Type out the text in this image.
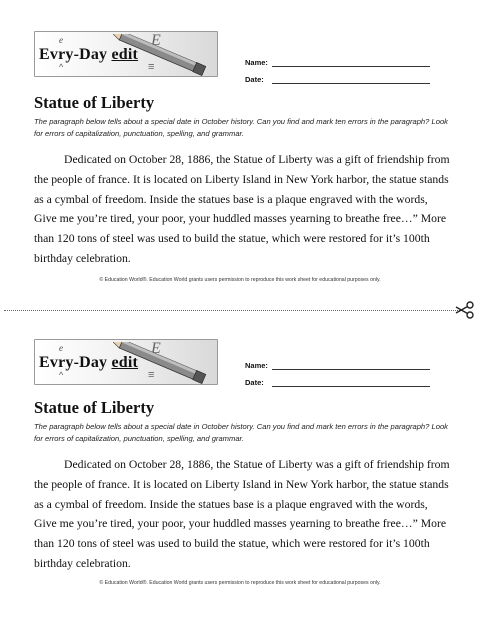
e	E
Evry-Day edit
^	≡	Name:
Date:
Statue of Liberty
The paragraph below tells about a special date in October history. Can you find and mark ten errors in the paragraph? Look for errors of capitalization, punctuation, spelling, and grammar.

Dedicated on October 28, 1886, the Statue of Liberty was a gift of friendship from the people of france. It is located on Liberty Island in New York harbor, the statue stands as a cymbal of freedom. Inside the statues base is a plaque engraved with the words, Give me you’re tired, your poor, your huddled masses yearning to breathe free…” More than 120 tons of steel was used to build the statue, which were restored for it’s 100th birthday celebration.

© Education World®. Education World grants users permission to reproduce this work sheet for educational purposes only.
e	E
Evry-Day edit
^	≡
Name:
Date:
Statue of Liberty
The paragraph below tells about a special date in October history. Can you find and mark ten errors in the paragraph? Look for errors of capitalization, punctuation, spelling, and grammar.

Dedicated on October 28, 1886, the Statue of Liberty was a gift of friendship from the people of france. It is located on Liberty Island in New York harbor, the statue stands as a cymbal of freedom. Inside the statues base is a plaque engraved with the words, Give me you’re tired, your poor, your huddled masses yearning to breathe free…” More than 120 tons of steel was used to build the statue, which were restored for it’s 100th birthday celebration.

© Education World®. Education World grants users permission to reproduce this work sheet for educational purposes only.
